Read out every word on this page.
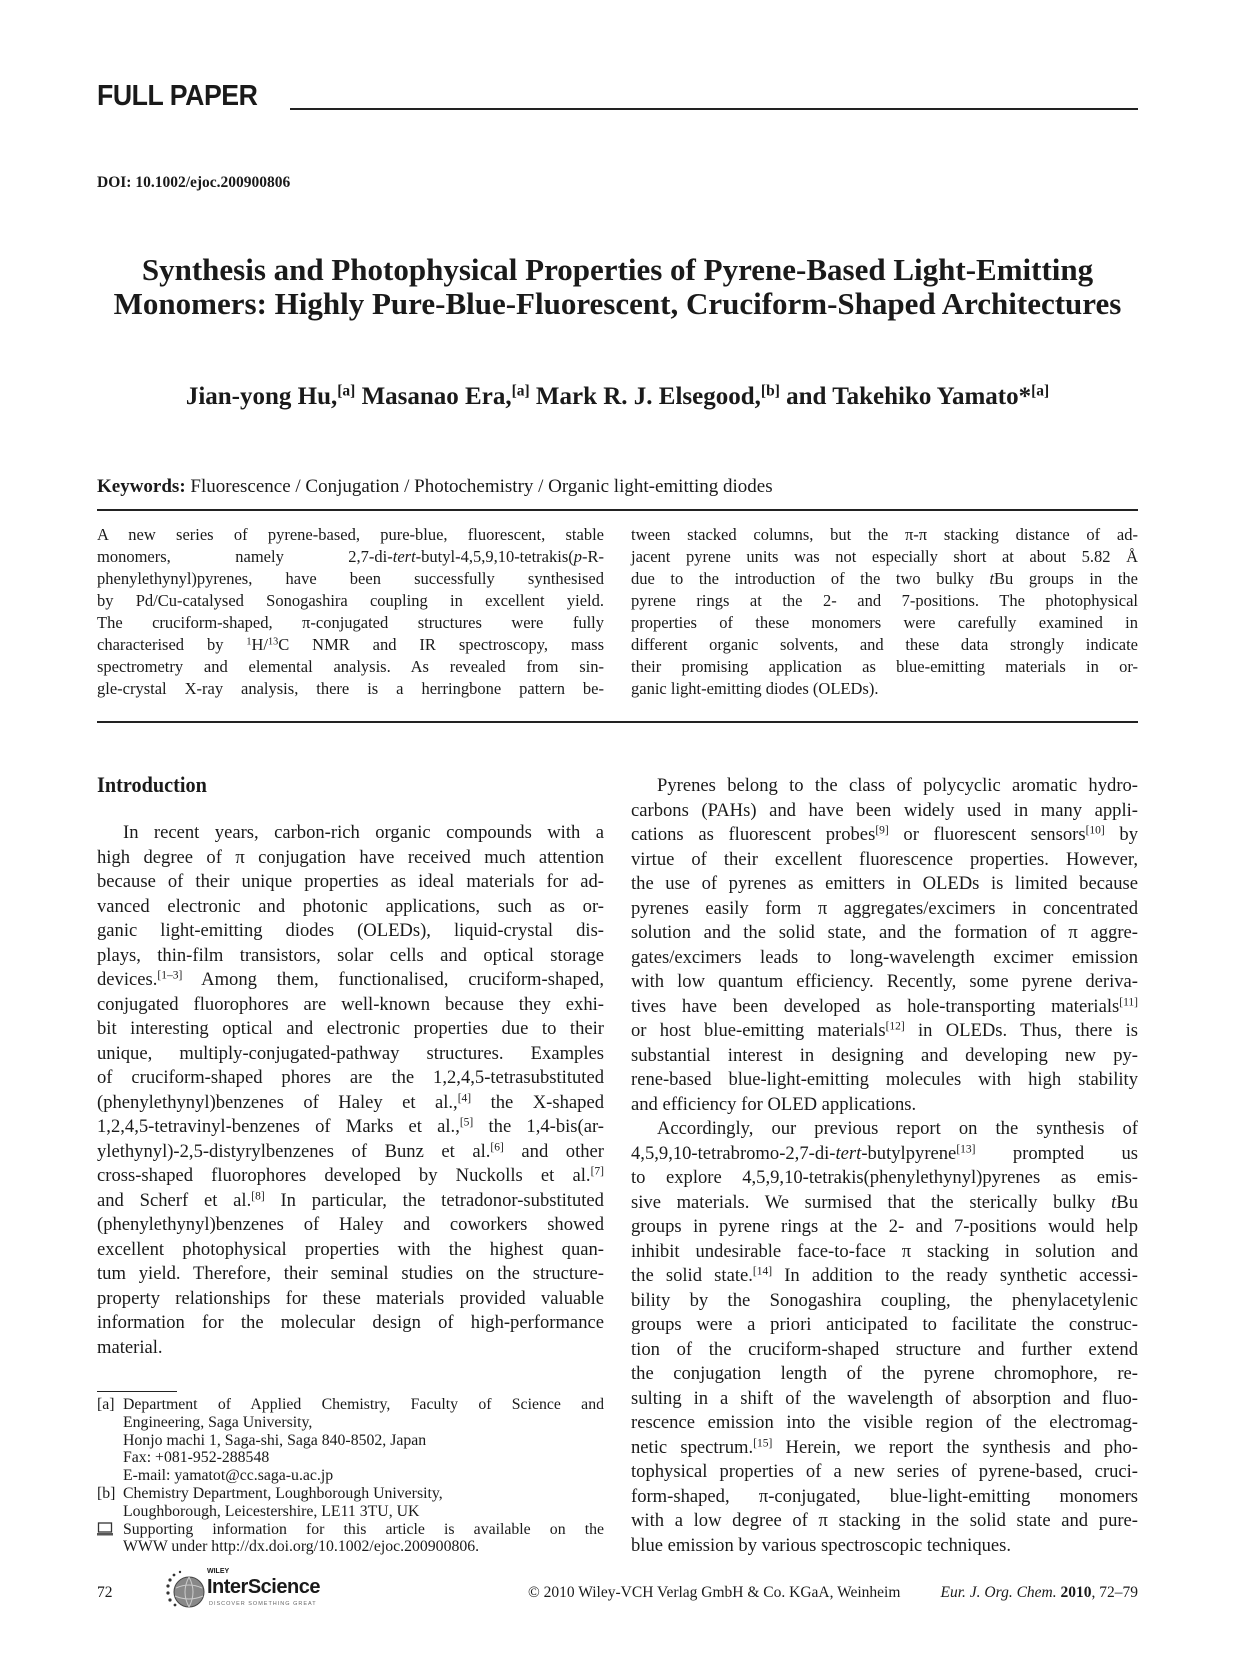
FULL PAPER
DOI: 10.1002/ejoc.200900806
Synthesis and Photophysical Properties of Pyrene-Based Light-Emitting
Monomers: Highly Pure-Blue-Fluorescent, Cruciform-Shaped Architectures
Jian-yong Hu,[a] Masanao Era,[a] Mark R. J. Elsegood,[b] and Takehiko Yamato*[a]
Keywords: Fluorescence / Conjugation / Photochemistry / Organic light-emitting diodes
A new series of pyrene-based, pure-blue, fluorescent, stable
monomers, namely 2,7-di-tert-butyl-4,5,9,10-tetrakis(p-R-
phenylethynyl)pyrenes, have been successfully synthesised
by Pd/Cu-catalysed Sonogashira coupling in excellent yield.
The cruciform-shaped, π-conjugated structures were fully
characterised by $^1$H/$^{13}$C NMR and IR spectroscopy, mass
spectrometry and elemental analysis. As revealed from sin-
gle-crystal X-ray analysis, there is a herringbone pattern be-
tween stacked columns, but the π-π stacking distance of ad-
jacent pyrene units was not especially short at about 5.82 Å
due to the introduction of the two bulky tBu groups in the
pyrene rings at the 2- and 7-positions. The photophysical
properties of these monomers were carefully examined in
different organic solvents, and these data strongly indicate
their promising application as blue-emitting materials in or-
ganic light-emitting diodes (OLEDs).
Introduction
In recent years, carbon-rich organic compounds with a
high degree of π conjugation have received much attention
because of their unique properties as ideal materials for ad-
vanced electronic and photonic applications, such as or-
ganic light-emitting diodes (OLEDs), liquid-crystal dis-
plays, thin-film transistors, solar cells and optical storage
devices.[1–3] Among them, functionalised, cruciform-shaped,
conjugated fluorophores are well-known because they exhi-
bit interesting optical and electronic properties due to their
unique, multiply-conjugated-pathway structures. Examples
of cruciform-shaped phores are the 1,2,4,5-tetrasubstituted
(phenylethynyl)benzenes of Haley et al.,[4] the X-shaped
1,2,4,5-tetravinyl-benzenes of Marks et al.,[5] the 1,4-bis(ar-
ylethynyl)-2,5-distyrylbenzenes of Bunz et al.[6] and other
cross-shaped fluorophores developed by Nuckolls et al.[7]
and Scherf et al.[8] In particular, the tetradonor-substituted
(phenylethynyl)benzenes of Haley and coworkers showed
excellent photophysical properties with the highest quan-
tum yield. Therefore, their seminal studies on the structure-
property relationships for these materials provided valuable
information for the molecular design of high-performance
material.
Pyrenes belong to the class of polycyclic aromatic hydro-
carbons (PAHs) and have been widely used in many appli-
cations as fluorescent probes[9] or fluorescent sensors[10] by
virtue of their excellent fluorescence properties. However,
the use of pyrenes as emitters in OLEDs is limited because
pyrenes easily form π aggregates/excimers in concentrated
solution and the solid state, and the formation of π aggre-
gates/excimers leads to long-wavelength excimer emission
with low quantum efficiency. Recently, some pyrene deriva-
tives have been developed as hole-transporting materials[11]
or host blue-emitting materials[12] in OLEDs. Thus, there is
substantial interest in designing and developing new py-
rene-based blue-light-emitting molecules with high stability
and efficiency for OLED applications.
Accordingly, our previous report on the synthesis of
4,5,9,10-tetrabromo-2,7-di-tert-butylpyrene[13] prompted us
to explore 4,5,9,10-tetrakis(phenylethynyl)pyrenes as emis-
sive materials. We surmised that the sterically bulky tBu
groups in pyrene rings at the 2- and 7-positions would help
inhibit undesirable face-to-face π stacking in solution and
the solid state.[14] In addition to the ready synthetic accessi-
bility by the Sonogashira coupling, the phenylacetylenic
groups were a priori anticipated to facilitate the construc-
tion of the cruciform-shaped structure and further extend
the conjugation length of the pyrene chromophore, re-
sulting in a shift of the wavelength of absorption and fluo-
rescence emission into the visible region of the electromag-
netic spectrum.[15] Herein, we report the synthesis and pho-
tophysical properties of a new series of pyrene-based, cruci-
form-shaped, π-conjugated, blue-light-emitting monomers
with a low degree of π stacking in the solid state and pure-
blue emission by various spectroscopic techniques.
[a] Department of Applied Chemistry, Faculty of Science and
Engineering, Saga University,
Honjo machi 1, Saga-shi, Saga 840-8502, Japan
Fax: +081-952-288548
E-mail: yamatot@cc.saga-u.ac.jp
[b] Chemistry Department, Loughborough University,
Loughborough, Leicestershire, LE11 3TU, UK
Supporting information for this article is available on the
WWW under http://dx.doi.org/10.1002/ejoc.200900806.
72
WILEY
InterScience
DISCOVER SOMETHING GREAT
© 2010 Wiley-VCH Verlag GmbH & Co. KGaA, Weinheim	Eur. J. Org. Chem. 2010, 72–79
